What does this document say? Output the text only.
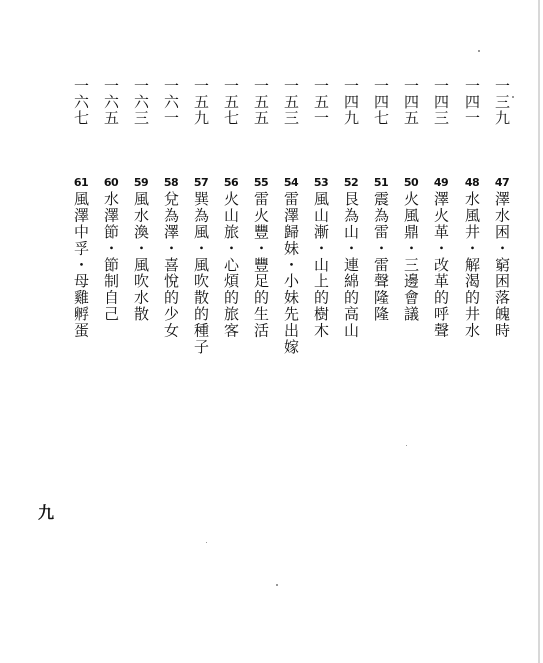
一三九
47
澤水困・窮困落魄時
一四一
48
水風井・解渴的井水
一四三
49
澤火革・改革的呼聲
一四五
50
火風鼎・三邊會議
一四七
51
震為雷・雷聲隆隆
一四九
52
艮為山・連綿的高山
一五一
53
風山漸・山上的樹木
一五三
54
雷澤歸妹・小妹先出嫁
一五五
55
雷火豐・豐足的生活
一五七
56
火山旅・心煩的旅客
一五九
57
巽為風・風吹散的種子
一六一
58
兌為澤・喜悅的少女
一六三
59
風水渙・風吹水散
一六五
60
水澤節・節制自己
一六七
61
風澤中孚・母雞孵蛋
九
